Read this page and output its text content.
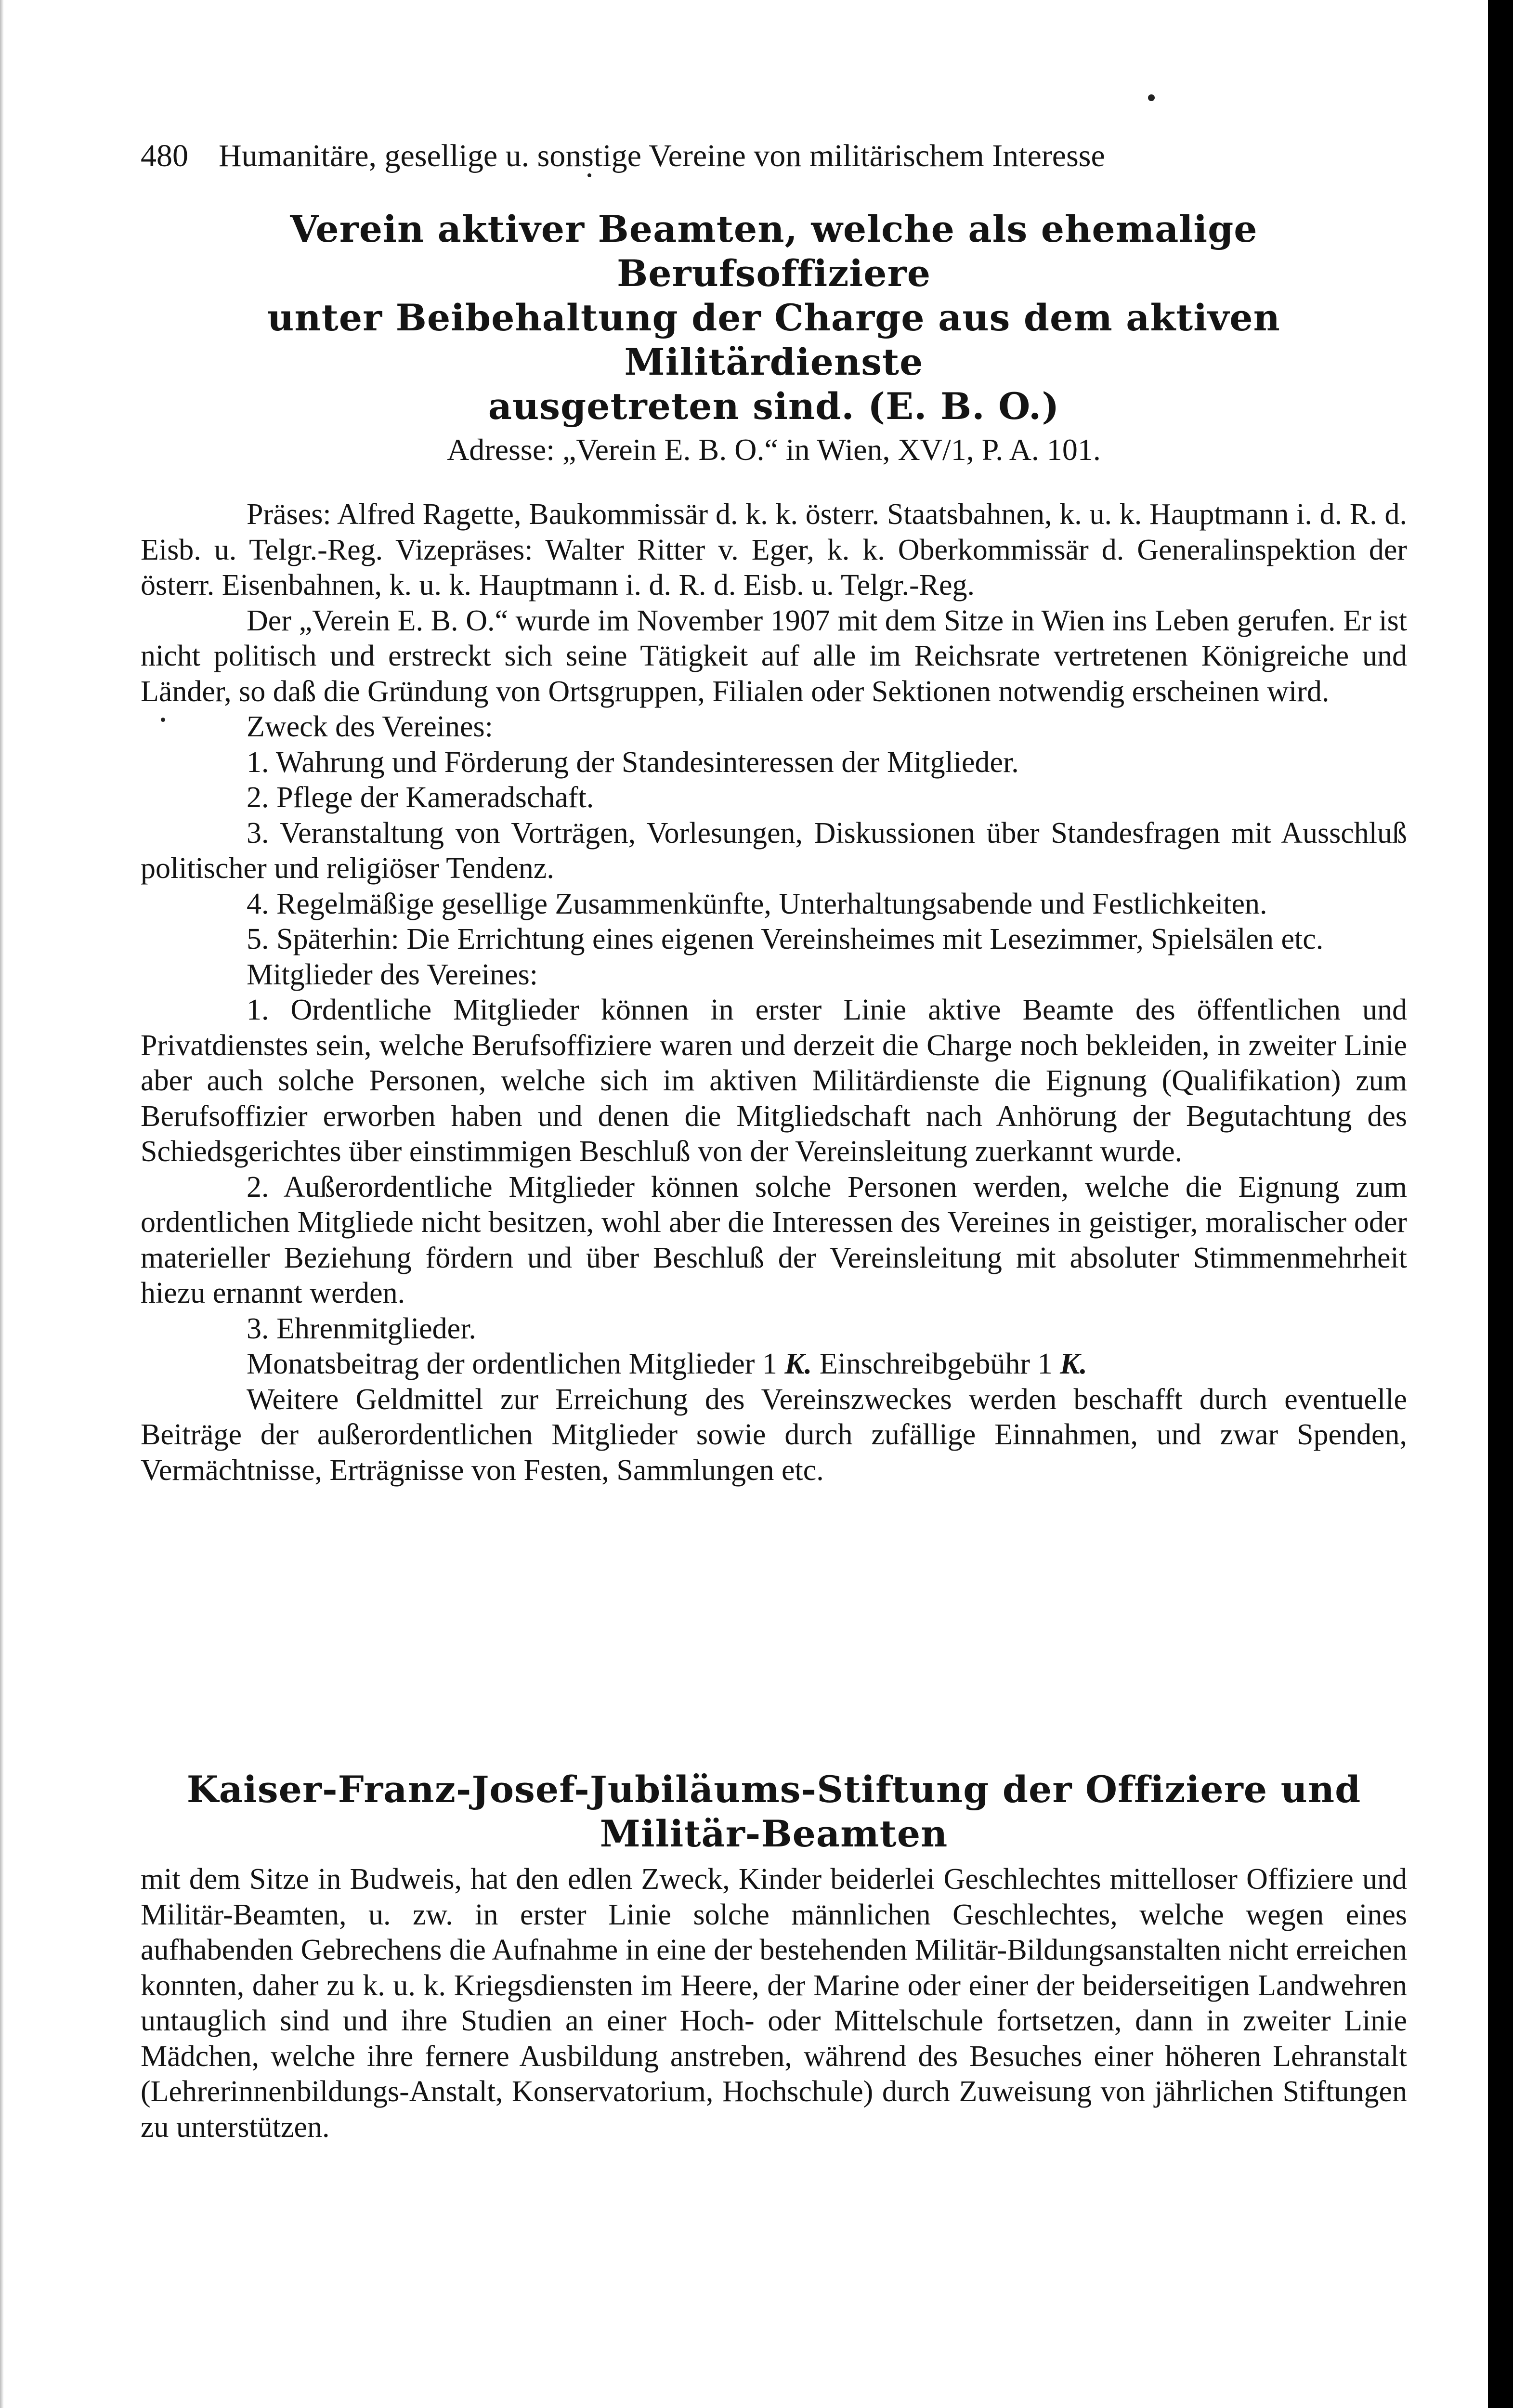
480 Humanitäre, gesellige u. sonstige Vereine von militärischem Interesse
Verein aktiver Beamten, welche als ehemalige Berufsoffiziere
unter Beibehaltung der Charge aus dem aktiven Militärdienste
ausgetreten sind. (E. B. O.)
Adresse: „Verein E. B. O.“ in Wien, XV/1, P. A. 101.

Präses: Alfred Ragette, Baukommissär d. k. k. österr. Staatsbahnen, k. u. k. Hauptmann i. d. R. d. Eisb. u. Telgr.-Reg. Vizepräses: Walter Ritter v. Eger, k. k. Oberkommissär d. Generalinspektion der österr. Eisenbahnen, k. u. k. Hauptmann i. d. R. d. Eisb. u. Telgr.-Reg.

Der „Verein E. B. O.“ wurde im November 1907 mit dem Sitze in Wien ins Leben gerufen. Er ist nicht politisch und erstreckt sich seine Tätigkeit auf alle im Reichsrate vertretenen Königreiche und Länder, so daß die Gründung von Ortsgruppen, Filialen oder Sektionen notwendig erscheinen wird.

Zweck des Vereines:

1. Wahrung und Förderung der Standesinteressen der Mitglieder.

2. Pflege der Kameradschaft.

3. Veranstaltung von Vorträgen, Vorlesungen, Diskussionen über Standesfragen mit Ausschluß politischer und religiöser Tendenz.

4. Regelmäßige gesellige Zusammenkünfte, Unterhaltungsabende und Festlichkeiten.

5. Späterhin: Die Errichtung eines eigenen Vereinsheimes mit Lesezimmer, Spielsälen etc.

Mitglieder des Vereines:

1. Ordentliche Mitglieder können in erster Linie aktive Beamte des öffentlichen und Privatdienstes sein, welche Berufsoffiziere waren und derzeit die Charge noch bekleiden, in zweiter Linie aber auch solche Personen, welche sich im aktiven Militärdienste die Eignung (Qualifikation) zum Berufsoffizier erworben haben und denen die Mitgliedschaft nach Anhörung der Begutachtung des Schiedsgerichtes über einstimmigen Beschluß von der Vereinsleitung zuerkannt wurde.

2. Außerordentliche Mitglieder können solche Personen werden, welche die Eignung zum ordentlichen Mitgliede nicht besitzen, wohl aber die Interessen des Vereines in geistiger, moralischer oder materieller Beziehung fördern und über Beschluß der Vereinsleitung mit absoluter Stimmenmehrheit hiezu ernannt werden.

3. Ehrenmitglieder.

Monatsbeitrag der ordentlichen Mitglieder 1 K. Einschreibgebühr 1 K.

Weitere Geldmittel zur Erreichung des Vereinszweckes werden beschafft durch eventuelle Beiträge der außerordentlichen Mitglieder sowie durch zufällige Einnahmen, und zwar Spenden, Vermächtnisse, Erträgnisse von Festen, Sammlungen etc.

Kaiser-Franz-Josef-Jubiläums-Stiftung der Offiziere und
Militär-Beamten

mit dem Sitze in Budweis, hat den edlen Zweck, Kinder beiderlei Geschlechtes mittelloser Offiziere und Militär-Beamten, u. zw. in erster Linie solche männlichen Geschlechtes, welche wegen eines aufhabenden Gebrechens die Aufnahme in eine der bestehenden Militär-Bildungsanstalten nicht erreichen konnten, daher zu k. u. k. Kriegsdiensten im Heere, der Marine oder einer der beiderseitigen Landwehren untauglich sind und ihre Studien an einer Hoch- oder Mittelschule fortsetzen, dann in zweiter Linie Mädchen, welche ihre fernere Ausbildung anstreben, während des Besuches einer höheren Lehranstalt (Lehrerinnenbildungs-Anstalt, Konservatorium, Hochschule) durch Zuweisung von jährlichen Stiftungen zu unterstützen.
